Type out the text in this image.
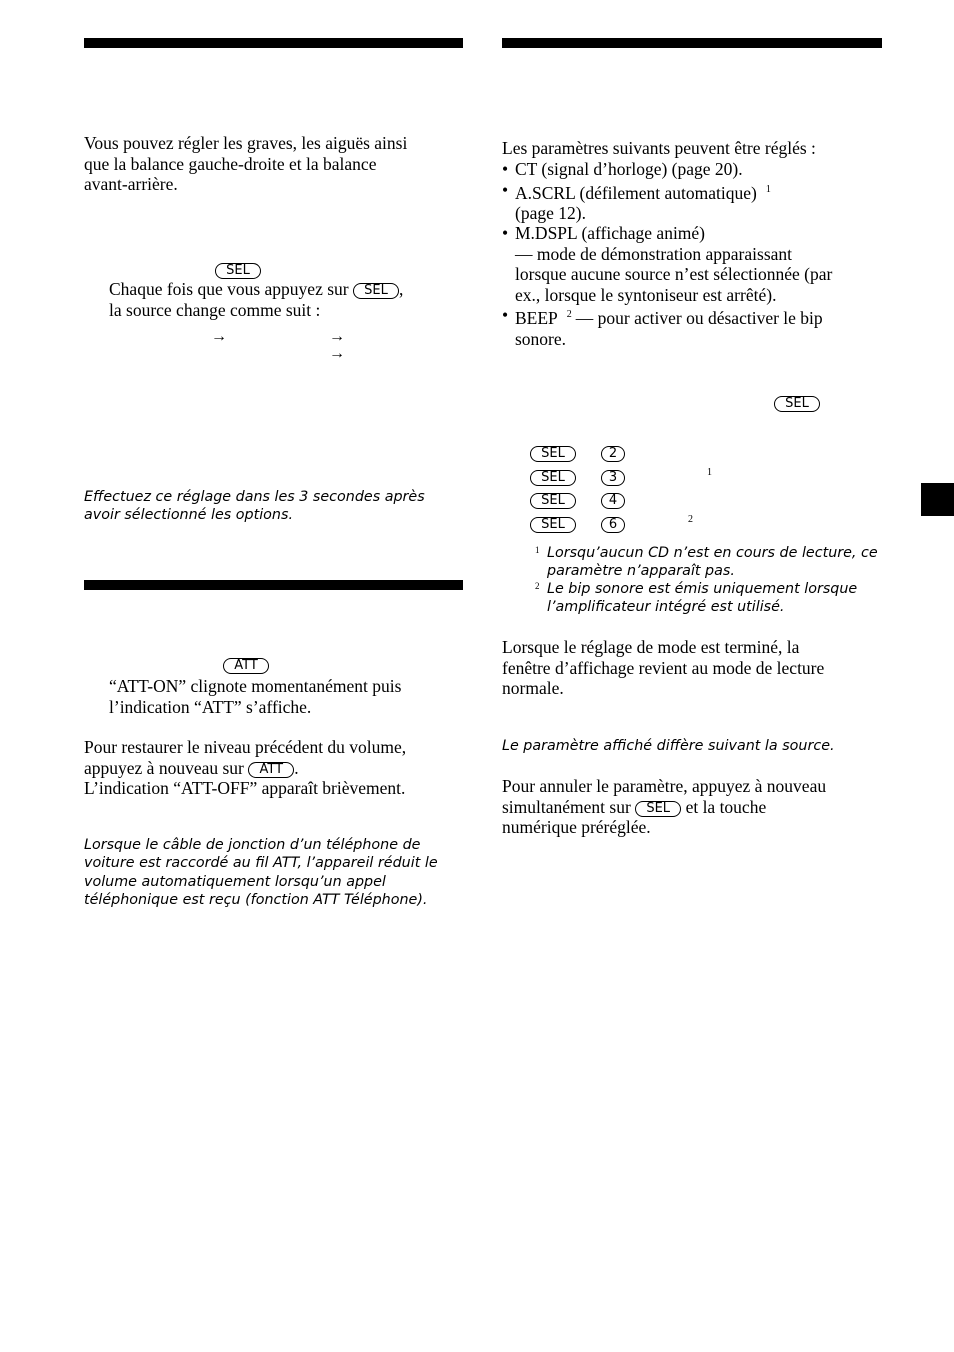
Vous pouvez régler les graves, les aiguës ainsi
que la balance gauche-droite et la balance
avant-arrière.
SEL
Chaque fois que vous appuyez sur SEL ,
la source change comme suit :
→	→
→
Effectuez ce réglage dans les 3 secondes après
avoir sélectionné les options.
ATT
“ATT-ON” clignote momentanément puis
l’indication “ATT” s’affiche.
Pour restaurer le niveau précédent du volume,
appuyez à nouveau sur ATT .
L’indication “ATT-OFF” apparaît brièvement.
Lorsque le câble de jonction d’un téléphone de
voiture est raccordé au fil ATT, l’appareil réduit le
volume automatiquement lorsqu’un appel
téléphonique est reçu (fonction ATT Téléphone).
Les paramètres suivants peuvent être réglés :
• CT (signal d’horloge) (page 20).
• A.SCRL (défilement automatique) $^1$
(page 12).
• M.DSPL (affichage animé)
— mode de démonstration apparaissant
lorsque aucune source n’est sélectionnée (par
ex., lorsque le syntoniseur est arrêté).
• BEEP $^2$ — pour activer ou désactiver le bip
sonore.
SEL
SEL	2
SEL	3	1
SEL	4
SEL	6	2
1 Lorsqu’aucun CD n’est en cours de lecture, ce
paramètre n’apparaît pas.
2 Le bip sonore est émis uniquement lorsque
l’amplificateur intégré est utilisé.
Lorsque le réglage de mode est terminé, la
fenêtre d’affichage revient au mode de lecture
normale.
Le paramètre affiché diffère suivant la source.
Pour annuler le paramètre, appuyez à nouveau
simultanément sur SEL et la touche
numérique préréglée.
